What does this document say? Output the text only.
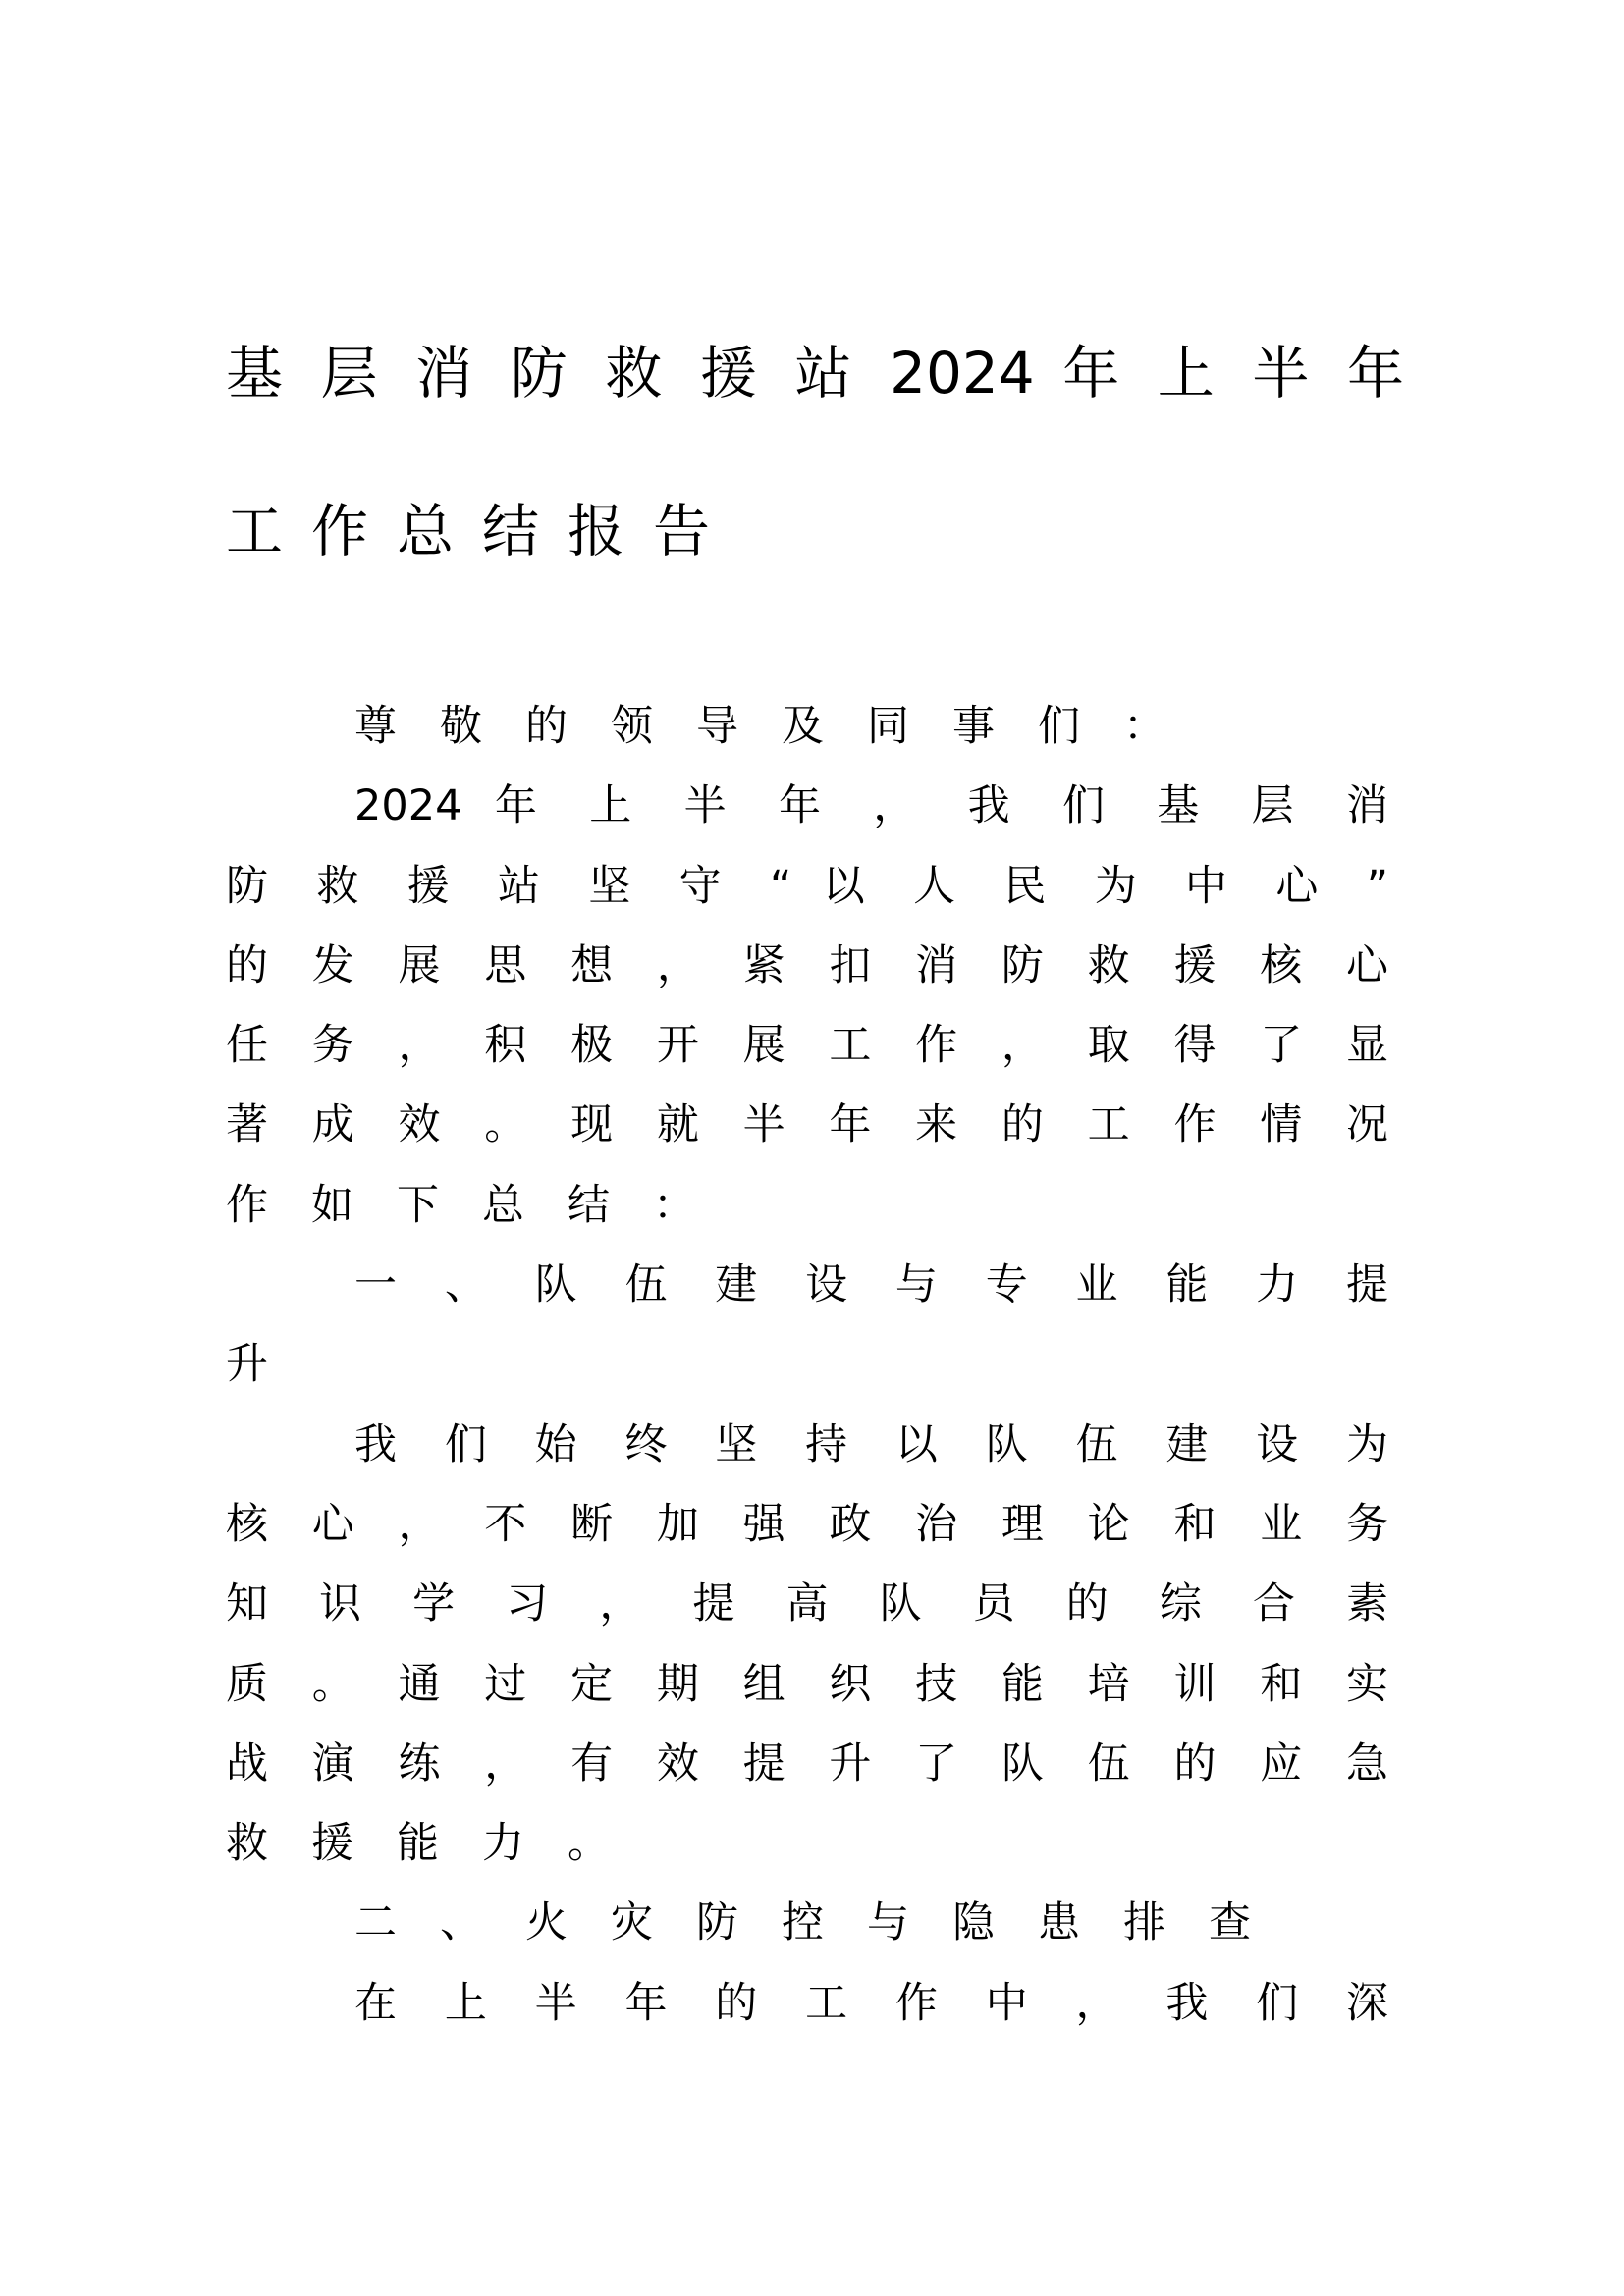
基 层 消 防 救 援 站 2024 年 上 半 年
工作总结报告
尊敬的领导及同事们：
2024 年 上 半 年 ， 我 们 基 层 消
防 救 援 站 坚 守 “ 以 人 民 为 中 心 ”
的 发 展 思 想 ， 紧 扣 消 防 救 援 核 心
任 务 ， 积 极 开 展 工 作 ， 取 得 了 显
著 成 效 。 现 就 半 年 来 的 工 作 情 况
作如下总结：
一 、 队 伍 建 设 与 专 业 能 力 提
升
我 们 始 终 坚 持 以 队 伍 建 设 为
核 心 ， 不 断 加 强 政 治 理 论 和 业 务
知 识 学 习 ， 提 高 队 员 的 综 合 素
质 。 通 过 定 期 组 织 技 能 培 训 和 实
战 演 练 ， 有 效 提 升 了 队 伍 的 应 急
救援能力。
二、火灾防控与隐患排查
在 上 半 年 的 工 作 中 ， 我 们 深
